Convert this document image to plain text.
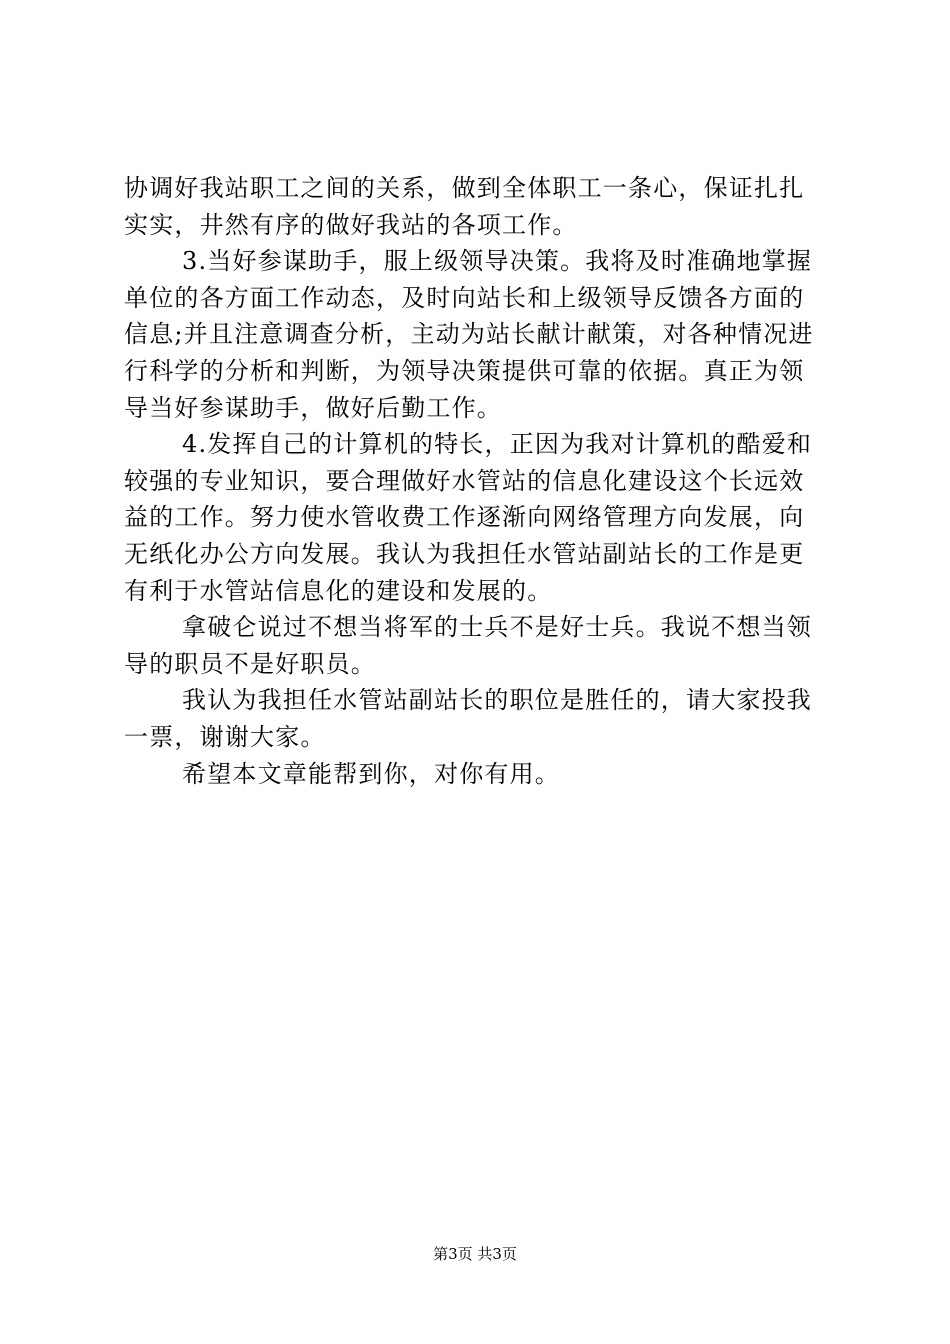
协调好我站职工之间的关系，做到全体职工一条心，保证扎扎
实实，井然有序的做好我站的各项工作。
3.当好参谋助手，服上级领导决策。我将及时准确地掌握
单位的各方面工作动态，及时向站长和上级领导反馈各方面的
信息;并且注意调查分析，主动为站长献计献策，对各种情况进
行科学的分析和判断，为领导决策提供可靠的依据。真正为领
导当好参谋助手，做好后勤工作。
4.发挥自己的计算机的特长，正因为我对计算机的酷爱和
较强的专业知识，要合理做好水管站的信息化建设这个长远效
益的工作。努力使水管收费工作逐渐向网络管理方向发展，向
无纸化办公方向发展。我认为我担任水管站副站长的工作是更
有利于水管站信息化的建设和发展的。
拿破仑说过不想当将军的士兵不是好士兵。我说不想当领
导的职员不是好职员。
我认为我担任水管站副站长的职位是胜任的，请大家投我
一票，谢谢大家。
希望本文章能帮到你，对你有用。
第3页 共3页
